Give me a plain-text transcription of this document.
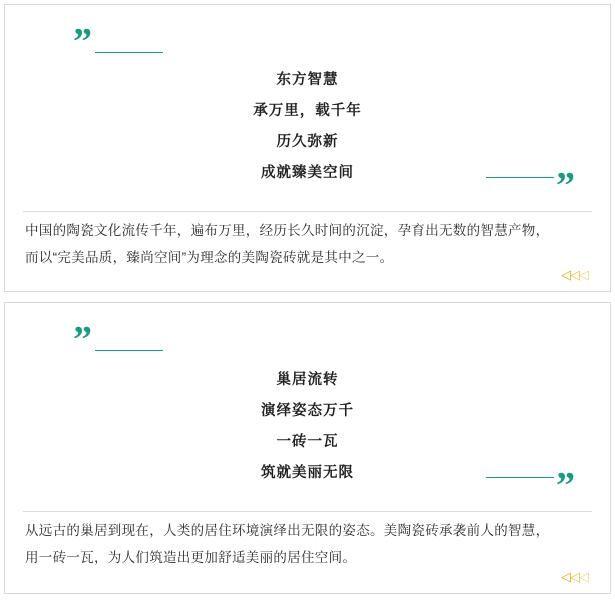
”
东方智慧
承万里，载千年
历久弥新
成就臻美空间	”
中国的陶瓷文化流传千年，遍布万里，经历长久时间的沉淀，孕育出无数的智慧产物，
而以“完美品质，臻尚空间”为理念的美陶瓷砖就是其中之一。
◁ ◁ ◁
”
巢居流转
演绎姿态万千
一砖一瓦
筑就美丽无限	”
从远古的巢居到现在，人类的居住环境演绎出无限的姿态。美陶瓷砖承袭前人的智慧，
用一砖一瓦，为人们筑造出更加舒适美丽的居住空间。
◁ ◁ ◁
